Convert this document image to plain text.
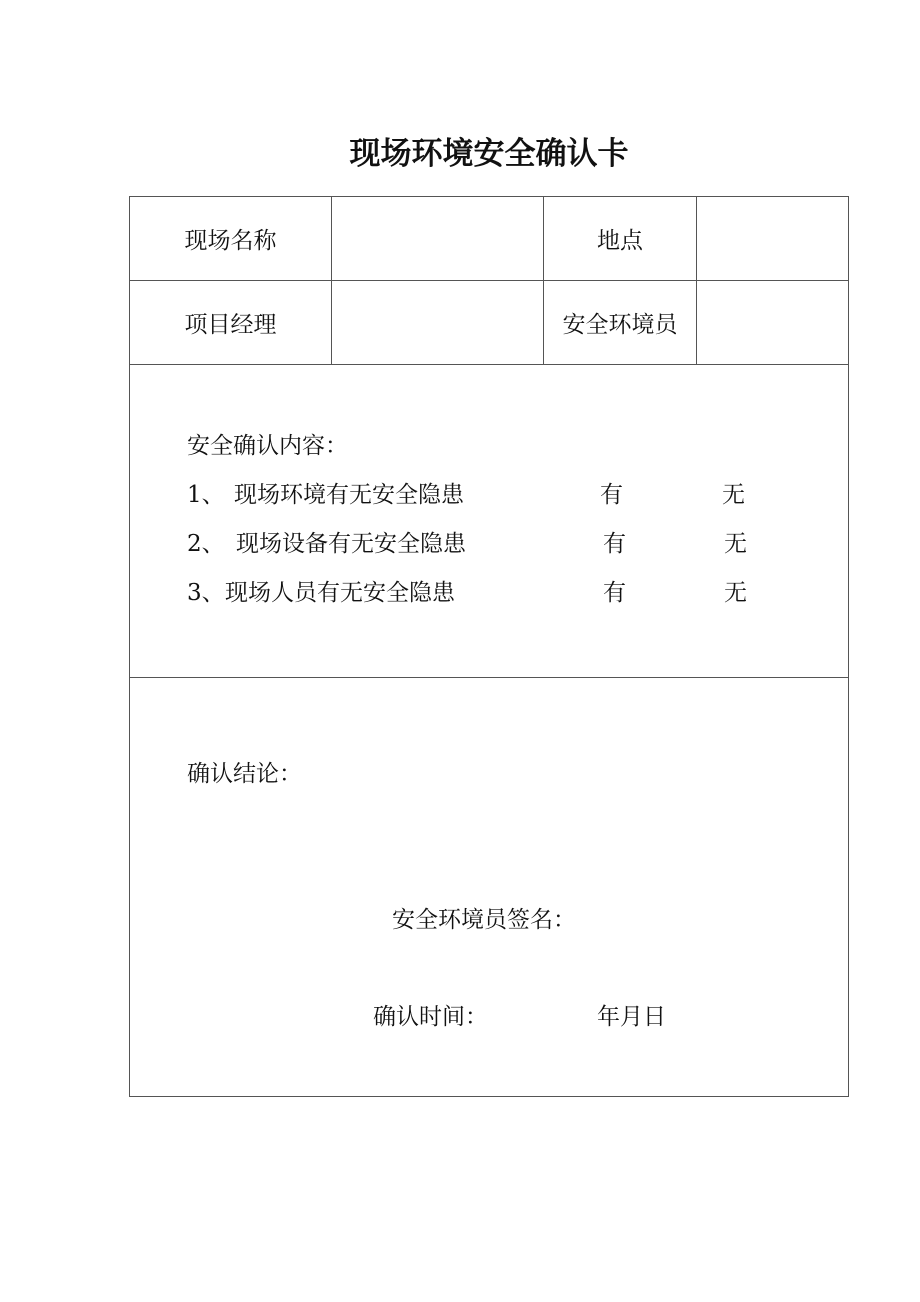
现场环境安全确认卡
现场名称	地点
项目经理	安全环境员
安全确认内容：
1、 现场环境有无安全隐患	有	无
2、 现场设备有无安全隐患	有	无
3、 现场人员有无安全隐患	有	无
确认结论：
安全环境员签名：
确认时间：	年月日
